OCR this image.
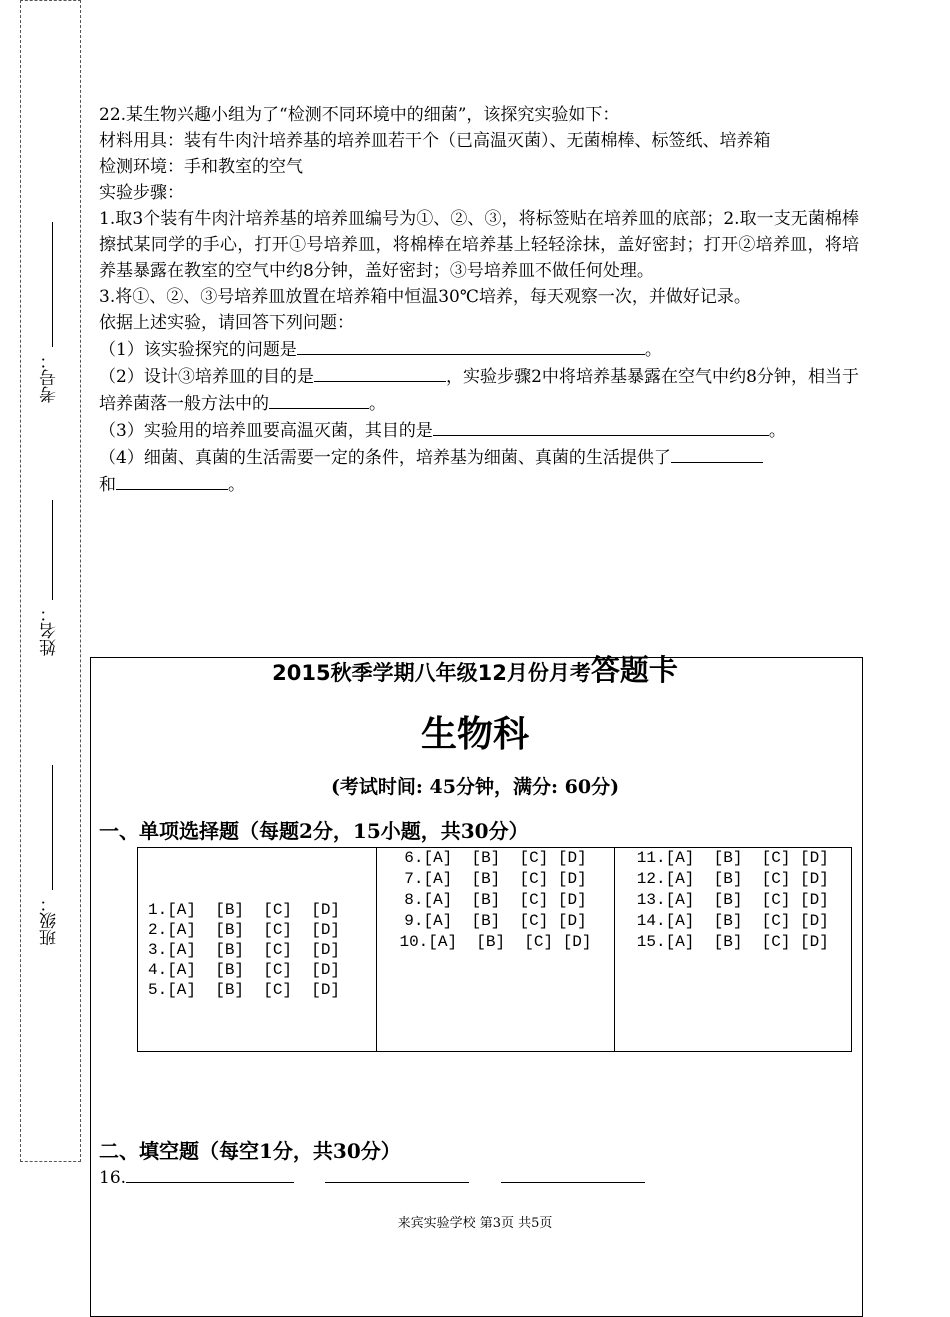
考号：
姓名：
班级：

22.某生物兴趣小组为了“检测不同环境中的细菌”，该探究实验如下：

材料用具：装有牛肉汁培养基的培养皿若干个（已高温灭菌）、无菌棉棒、标签纸、培养箱

检测环境：手和教室的空气

实验步骤：

1.取3个装有牛肉汁培养基的培养皿编号为①、②、③，将标签贴在培养皿的底部；2.取一支无菌棉棒擦拭某同学的手心，打开①号培养皿，将棉棒在培养基上轻轻涂抹，盖好密封；打开②培养皿，将培养基暴露在教室的空气中约8分钟，盖好密封；③号培养皿不做任何处理。

3.将①、②、③号培养皿放置在培养箱中恒温30℃培养，每天观察一次，并做好记录。

依据上述实验，请回答下列问题：

（1）该实验探究的问题是	。

（2）设计③培养皿的目的是	，实验步骤2中将培养基暴露在空气中约8分钟，相当于培养菌落一般方法中的	。

（3）实验用的培养皿要高温灭菌，其目的是	。

（4）细菌、真菌的生活需要一定的条件，培养基为细菌、真菌的生活提供了
和	。

2015秋季学期八年级12月份月考答题卡
生物科
(考试时间: 45分钟，满分: 60分)
一、单项选择题（每题2分，15小题，共30分）
1.[A]  [B]  [C]  [D]
2.[A]  [B]  [C]  [D]
3.[A]  [B]  [C]  [D]
4.[A]  [B]  [C]  [D]
5.[A]  [B]  [C]  [D]
6.[A]  [B]  [C] [D]
7.[A]  [B]  [C] [D]
8.[A]  [B]  [C] [D]
9.[A]  [B]  [C] [D]
10.[A]  [B]  [C] [D]
11.[A]  [B]  [C] [D]
12.[A]  [B]  [C] [D]
13.[A]  [B]  [C] [D]
14.[A]  [B]  [C] [D]
15.[A]  [B]  [C] [D]
二、填空题（每空1分，共30分）
16.
来宾实验学校 第3页 共5页
